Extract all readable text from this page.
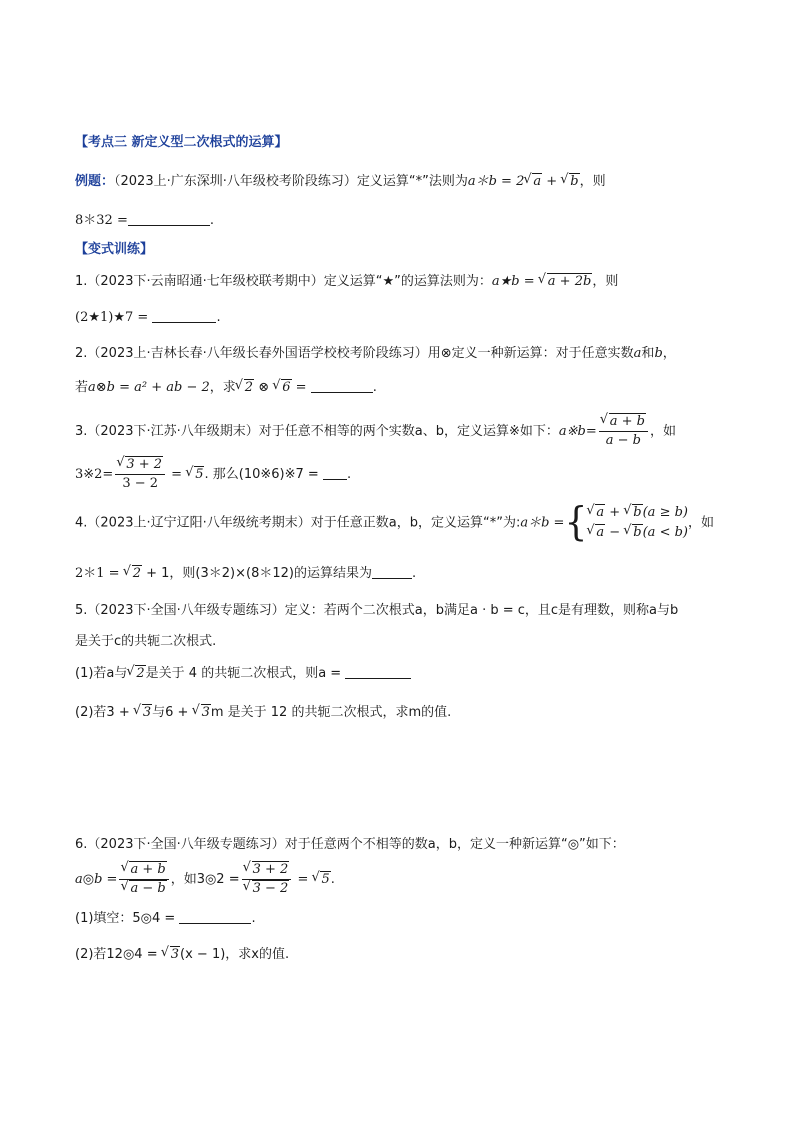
【考点三 新定义型二次根式的运算】
例题：（2023上·广东深圳·八年级校考阶段练习）定义运算“*”法则为a＊b = 2 √ a + √ b，则
8＊32 =	.
【变式训练】
1.（2023下·云南昭通·七年级校联考期中）定义运算“★”的运算法则为：a★b = √ a + 2b，则
(2★1)★7 =	.
2.（2023上·吉林长春·八年级长春外国语学校校考阶段练习）用⊗定义一种新运算：对于任意实数a和b，
若a⊗b = a² + ab − 2，求 √ 2 ⊗ √ 6 =	.
3.（2023下·江苏·八年级期末）对于任意不相等的两个实数a、b，定义运算※如下：a※b= √ $\frac{a + b}{a - b}$ ，如
3※2= √ $\frac{3 + 2}{3 - 2}$ = √ 5. 那么(10※6)※7 = .
4.（2023上·辽宁辽阳·八年级统考期末）对于任意正数a，b，定义运算“*”为:a＊b = { √ a + √ b(a ≥ b)
√ a − √ b(a < b)
，如
2＊1 = √ 2 + 1，则(3＊2)×(8＊12)的运算结果为	.
5.（2023下·全国·八年级专题练习）定义：若两个二次根式a，b满足a · b = c，且c是有理数，则称a与b
是关于c的共轭二次根式.
(1)若a与 √ 2是关于 4 的共轭二次根式，则a =
(2)若3 + √ 3与6 + √ 3m 是关于 12 的共轭二次根式，求m的值.
6.（2023下·全国·八年级专题练习）对于任意两个不相等的数a，b，定义一种新运算“◎”如下：
a◎b = √ a + b
√ a − b ，如3◎2 = √ 3 + 2
√ 3 − 2 = √ 5.
(1)填空：5◎4 =	.
(2)若12◎4 = √ 3(x − 1)，求x的值.
